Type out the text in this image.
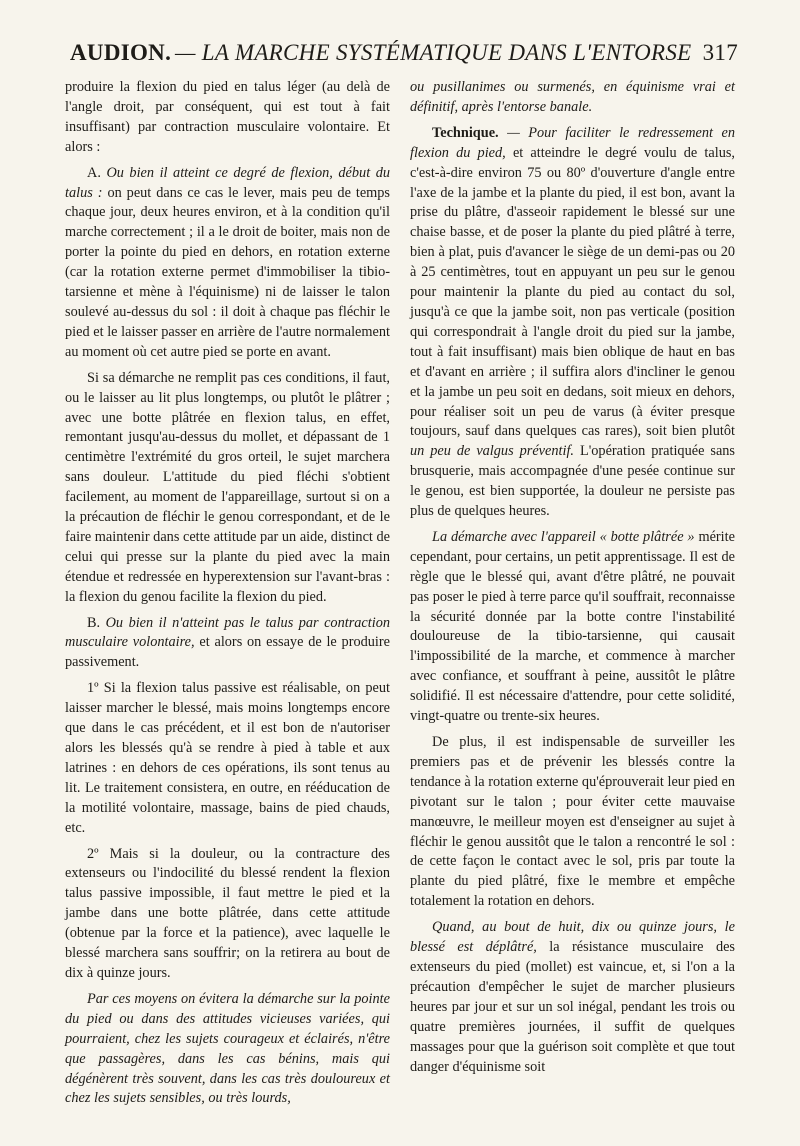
AUDION. — LA MARCHE SYSTÉMATIQUE DANS L'ENTORSE 317

produire la flexion du pied en talus léger (au delà de l'angle droit, par conséquent, qui est tout à fait insuffisant) par contraction musculaire volontaire. Et alors :

A. Ou bien il atteint ce degré de flexion, début du talus : on peut dans ce cas le lever, mais peu de temps chaque jour, deux heures environ, et à la condition qu'il marche correctement ; il a le droit de boiter, mais non de porter la pointe du pied en dehors, en rotation externe (car la rotation externe permet d'immobiliser la tibio-tarsienne et mène à l'équinisme) ni de laisser le talon soulevé au-dessus du sol : il doit à chaque pas fléchir le pied et le laisser passer en arrière de l'autre normalement au moment où cet autre pied se porte en avant.

Si sa démarche ne remplit pas ces conditions, il faut, ou le laisser au lit plus longtemps, ou plutôt le plâtrer ; avec une botte plâtrée en flexion talus, en effet, remontant jusqu'au-dessus du mollet, et dépassant de 1 centimètre l'extrémité du gros orteil, le sujet marchera sans douleur. L'attitude du pied fléchi s'obtient facilement, au moment de l'appareillage, surtout si on a la précaution de fléchir le genou correspondant, et de le faire maintenir dans cette attitude par un aide, distinct de celui qui presse sur la plante du pied avec la main étendue et redressée en hyperextension sur l'avant-bras : la flexion du genou facilite la flexion du pied.

B. Ou bien il n'atteint pas le talus par contraction musculaire volontaire, et alors on essaye de le produire passivement.

1º Si la flexion talus passive est réalisable, on peut laisser marcher le blessé, mais moins longtemps encore que dans le cas précédent, et il est bon de n'autoriser alors les blessés qu'à se rendre à pied à table et aux latrines : en dehors de ces opérations, ils sont tenus au lit. Le traitement consistera, en outre, en rééducation de la motilité volontaire, massage, bains de pied chauds, etc.

2º Mais si la douleur, ou la contracture des extenseurs ou l'indocilité du blessé rendent la flexion talus passive impossible, il faut mettre le pied et la jambe dans une botte plâtrée, dans cette attitude (obtenue par la force et la patience), avec laquelle le blessé marchera sans souffrir; on la retirera au bout de dix à quinze jours.

Par ces moyens on évitera la démarche sur la pointe du pied ou dans des attitudes vicieuses variées, qui pourraient, chez les sujets courageux et éclairés, n'être que passagères, dans les cas bénins, mais qui dégénèrent très souvent, dans les cas très douloureux et chez les sujets sensibles, ou très lourds,

ou pusillanimes ou surmenés, en équinisme vrai et définitif, après l'entorse banale.

Technique. — Pour faciliter le redressement en flexion du pied, et atteindre le degré voulu de talus, c'est-à-dire environ 75 ou 80º d'ouverture d'angle entre l'axe de la jambe et la plante du pied, il est bon, avant la prise du plâtre, d'asseoir rapidement le blessé sur une chaise basse, et de poser la plante du pied plâtré à terre, bien à plat, puis d'avancer le siège de un demi-pas ou 20 à 25 centimètres, tout en appuyant un peu sur le genou pour maintenir la plante du pied au contact du sol, jusqu'à ce que la jambe soit, non pas verticale (position qui correspondrait à l'angle droit du pied sur la jambe, tout à fait insuffisant) mais bien oblique de haut en bas et d'avant en arrière ; il suffira alors d'incliner le genou et la jambe un peu soit en dedans, soit mieux en dehors, pour réaliser soit un peu de varus (à éviter presque toujours, sauf dans quelques cas rares), soit bien plutôt un peu de valgus préventif. L'opération pratiquée sans brusquerie, mais accompagnée d'une pesée continue sur le genou, est bien supportée, la douleur ne persiste pas plus de quelques heures.

La démarche avec l'appareil « botte plâtrée » mérite cependant, pour certains, un petit apprentissage. Il est de règle que le blessé qui, avant d'être plâtré, ne pouvait pas poser le pied à terre parce qu'il souffrait, reconnaisse la sécurité donnée par la botte contre l'instabilité douloureuse de la tibio-tarsienne, qui causait l'impossibilité de la marche, et commence à marcher avec confiance, et souffrant à peine, aussitôt le plâtre solidifié. Il est nécessaire d'attendre, pour cette solidité, vingt-quatre ou trente-six heures.

De plus, il est indispensable de surveiller les premiers pas et de prévenir les blessés contre la tendance à la rotation externe qu'éprouverait leur pied en pivotant sur le talon ; pour éviter cette mauvaise manœuvre, le meilleur moyen est d'enseigner au sujet à fléchir le genou aussitôt que le talon a rencontré le sol : de cette façon le contact avec le sol, pris par toute la plante du pied plâtré, fixe le membre et empêche totalement la rotation en dehors.

Quand, au bout de huit, dix ou quinze jours, le blessé est déplâtré, la résistance musculaire des extenseurs du pied (mollet) est vaincue, et, si l'on a la précaution d'empêcher le sujet de marcher plusieurs heures par jour et sur un sol inégal, pendant les trois ou quatre premières journées, il suffit de quelques massages pour que la guérison soit complète et que tout danger d'équinisme soit
